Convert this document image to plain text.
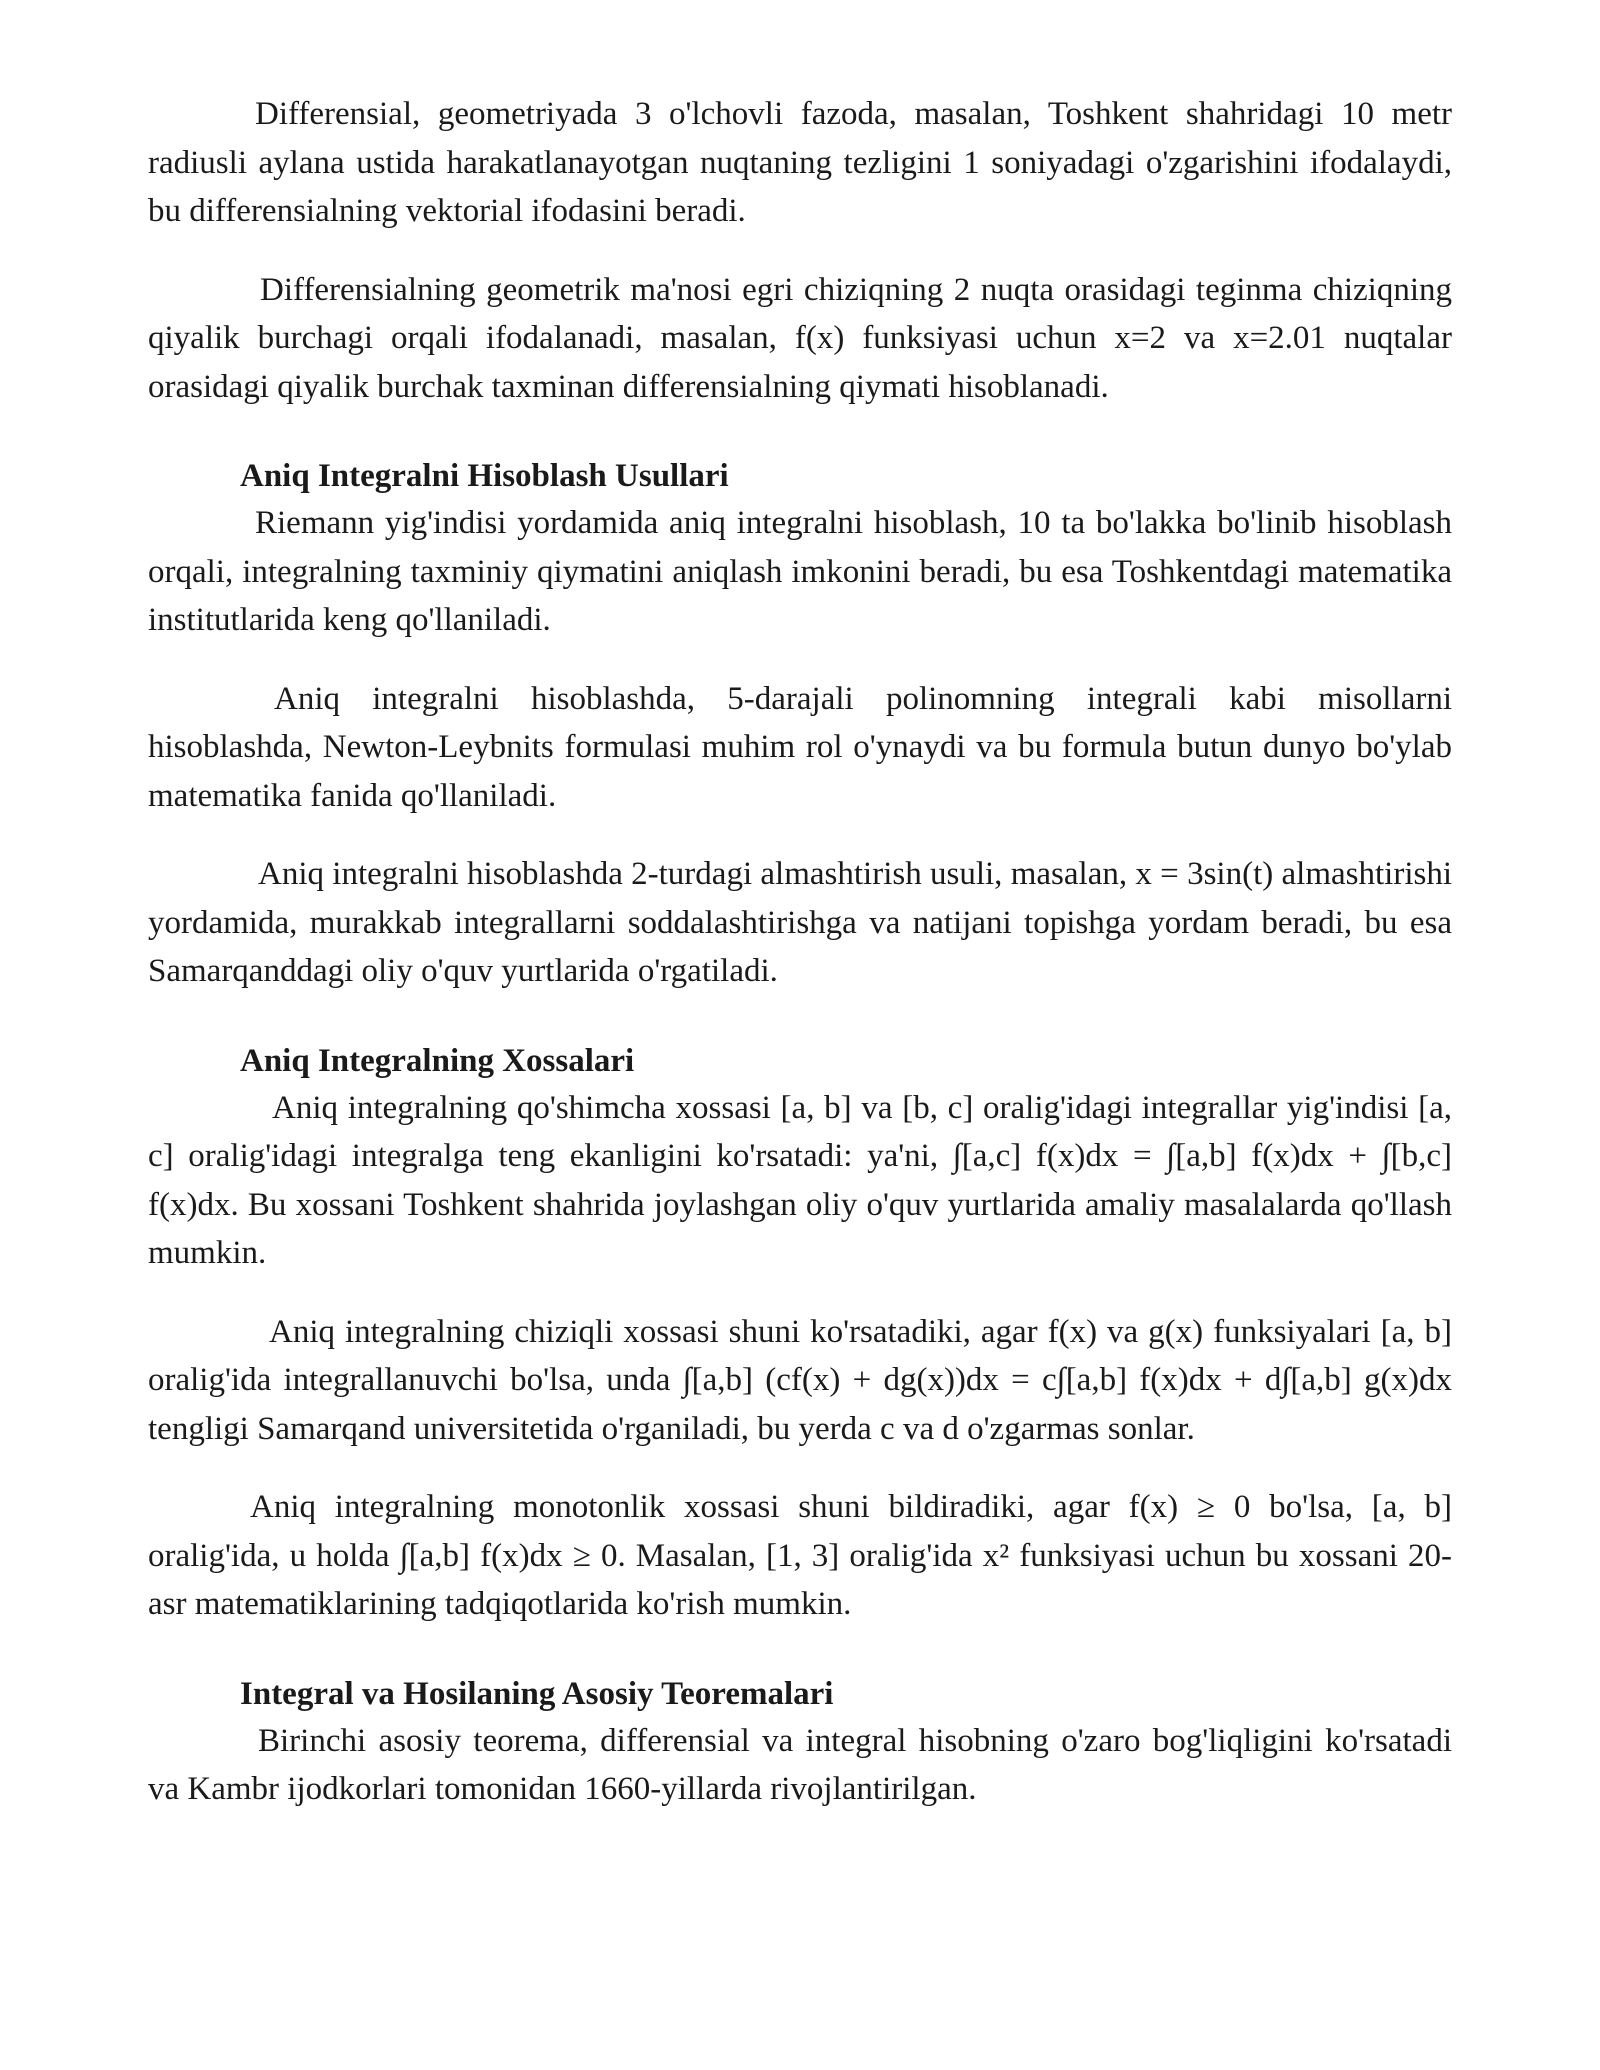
Differensial, geometriyada 3 o'lchovli fazoda, masalan, Toshkent shahridagi 10 metr radiusli aylana ustida harakatlanayotgan nuqtaning tezligini 1 soniyadagi o'zgarishini ifodalaydi, bu differensialning vektorial ifodasini beradi.

Differensialning geometrik ma'nosi egri chiziqning 2 nuqta orasidagi teginma chiziqning qiyalik burchagi orqali ifodalanadi, masalan, f(x) funksiyasi uchun x=2 va x=2.01 nuqtalar orasidagi qiyalik burchak taxminan differensialning qiymati hisoblanadi.

Aniq Integralni Hisoblash Usullari

Riemann yig'indisi yordamida aniq integralni hisoblash, 10 ta bo'lakka bo'linib hisoblash orqali, integralning taxminiy qiymatini aniqlash imkonini beradi, bu esa Toshkentdagi matematika institutlarida keng qo'llaniladi.

Aniq integralni hisoblashda, 5-darajali polinomning integrali kabi misollarni hisoblashda, Newton-Leybnits formulasi muhim rol o'ynaydi va bu formula butun dunyo bo'ylab matematika fanida qo'llaniladi.

Aniq integralni hisoblashda 2-turdagi almashtirish usuli, masalan, x = 3sin(t) almashtirishi yordamida, murakkab integrallarni soddalashtirishga va natijani topishga yordam beradi, bu esa Samarqanddagi oliy o'quv yurtlarida o'rgatiladi.

Aniq Integralning Xossalari

Aniq integralning qo'shimcha xossasi [a, b] va [b, c] oralig'idagi integrallar yig'indisi [a, c] oralig'idagi integralga teng ekanligini ko'rsatadi: ya'ni, ∫[a,c] f(x)dx = ∫[a,b] f(x)dx + ∫[b,c] f(x)dx. Bu xossani Toshkent shahrida joylashgan oliy o'quv yurtlarida amaliy masalalarda qo'llash mumkin.

Aniq integralning chiziqli xossasi shuni ko'rsatadiki, agar f(x) va g(x) funksiyalari [a, b] oralig'ida integrallanuvchi bo'lsa, unda ∫[a,b] (cf(x) + dg(x))dx = c∫[a,b] f(x)dx + d∫[a,b] g(x)dx tengligi Samarqand universitetida o'rganiladi, bu yerda c va d o'zgarmas sonlar.

Aniq integralning monotonlik xossasi shuni bildiradiki, agar f(x) ≥ 0 bo'lsa, [a, b] oralig'ida, u holda ∫[a,b] f(x)dx ≥ 0. Masalan, [1, 3] oralig'ida x² funksiyasi uchun bu xossani 20-asr matematiklarining tadqiqotlarida ko'rish mumkin.

Integral va Hosilaning Asosiy Teoremalari

Birinchi asosiy teorema, differensial va integral hisobning o'zaro bog'liqligini ko'rsatadi va Kambr ijodkorlari tomonidan 1660-yillarda rivojlantirilgan.
